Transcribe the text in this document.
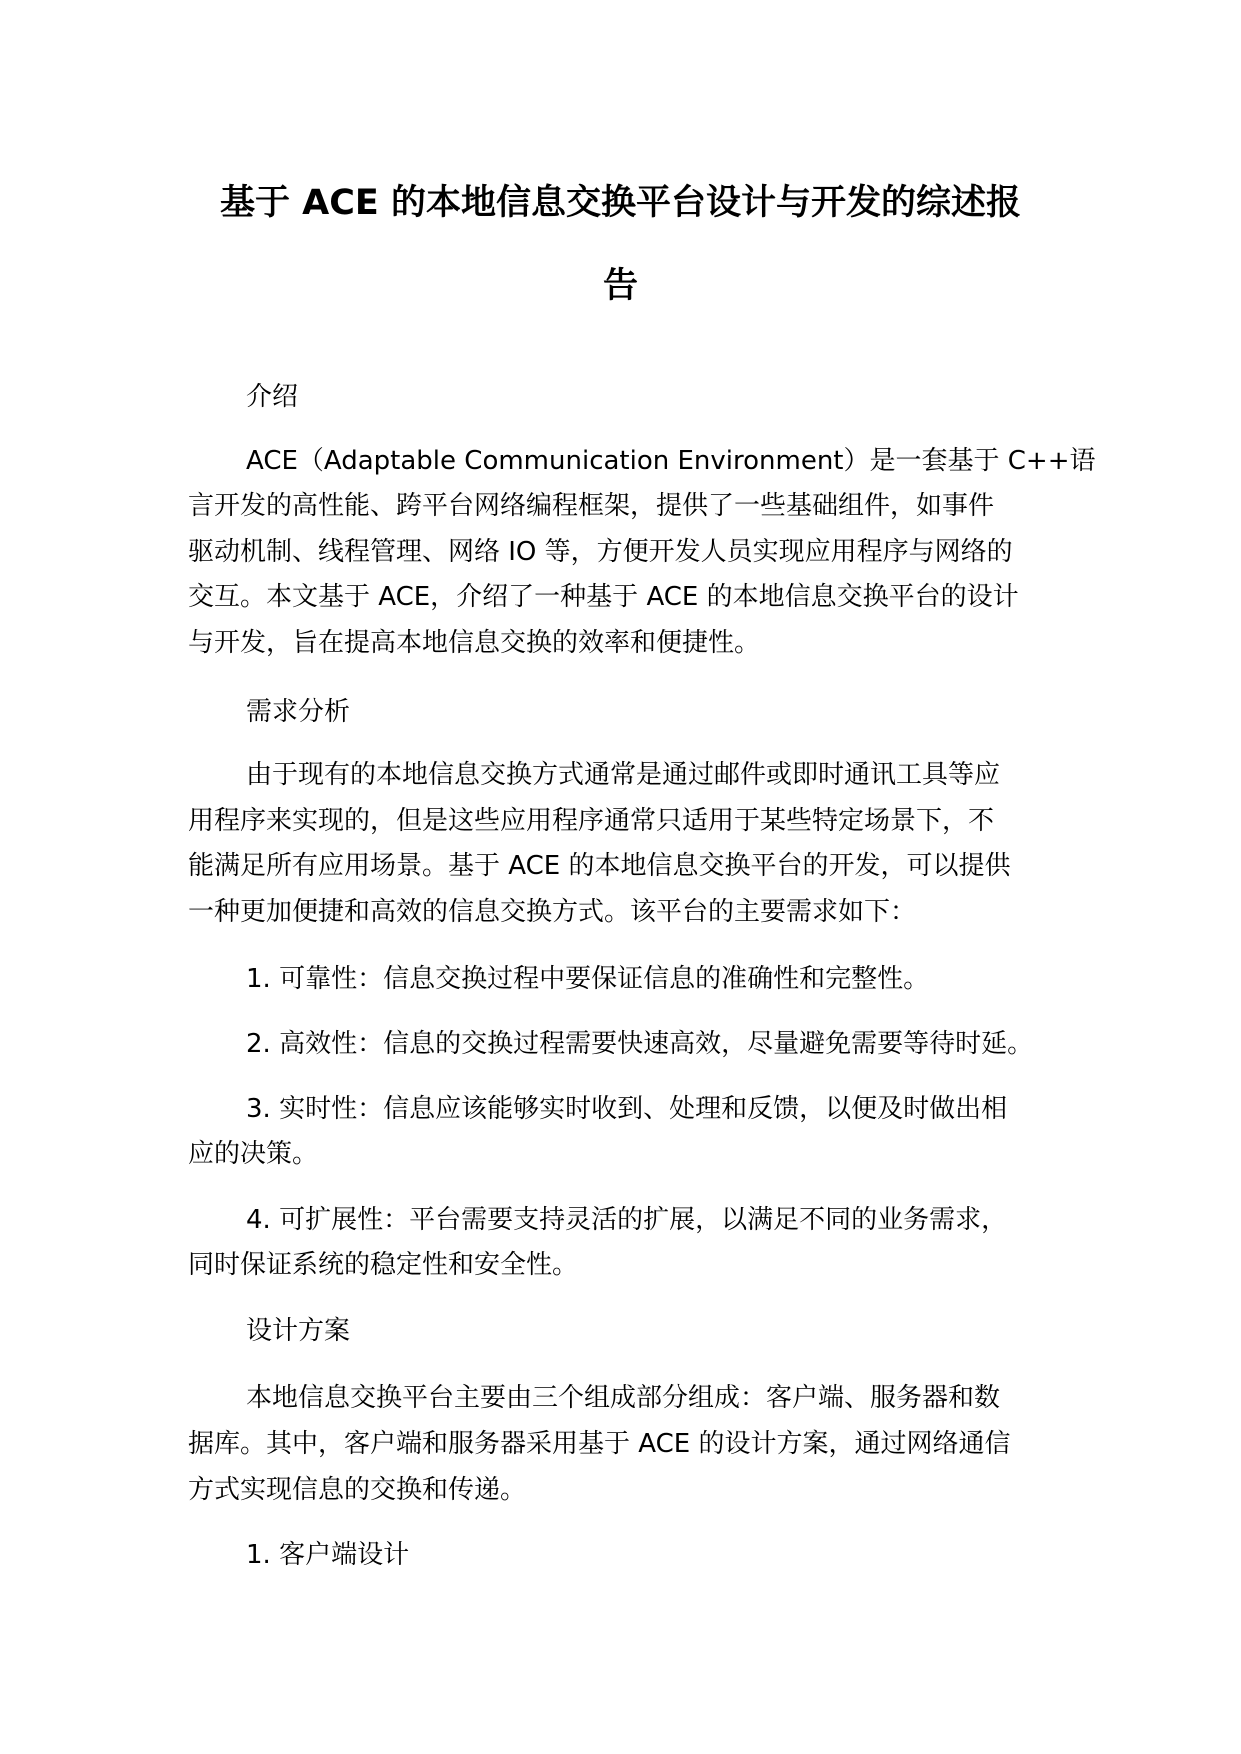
基于 ACE 的本地信息交换平台设计与开发的综述报
告
介绍
ACE（Adaptable Communication Environment）是一套基于 C++语
言开发的高性能、跨平台网络编程框架，提供了一些基础组件，如事件
驱动机制、线程管理、网络 IO 等，方便开发人员实现应用程序与网络的
交互。本文基于 ACE，介绍了一种基于 ACE 的本地信息交换平台的设计
与开发，旨在提高本地信息交换的效率和便捷性。
需求分析
由于现有的本地信息交换方式通常是通过邮件或即时通讯工具等应
用程序来实现的，但是这些应用程序通常只适用于某些特定场景下，不
能满足所有应用场景。基于 ACE 的本地信息交换平台的开发，可以提供
一种更加便捷和高效的信息交换方式。该平台的主要需求如下：
1. 可靠性：信息交换过程中要保证信息的准确性和完整性。
2. 高效性：信息的交换过程需要快速高效，尽量避免需要等待时延。
3. 实时性：信息应该能够实时收到、处理和反馈，以便及时做出相
应的决策。
4. 可扩展性：平台需要支持灵活的扩展，以满足不同的业务需求，
同时保证系统的稳定性和安全性。
设计方案
本地信息交换平台主要由三个组成部分组成：客户端、服务器和数
据库。其中，客户端和服务器采用基于 ACE 的设计方案，通过网络通信
方式实现信息的交换和传递。
1. 客户端设计
